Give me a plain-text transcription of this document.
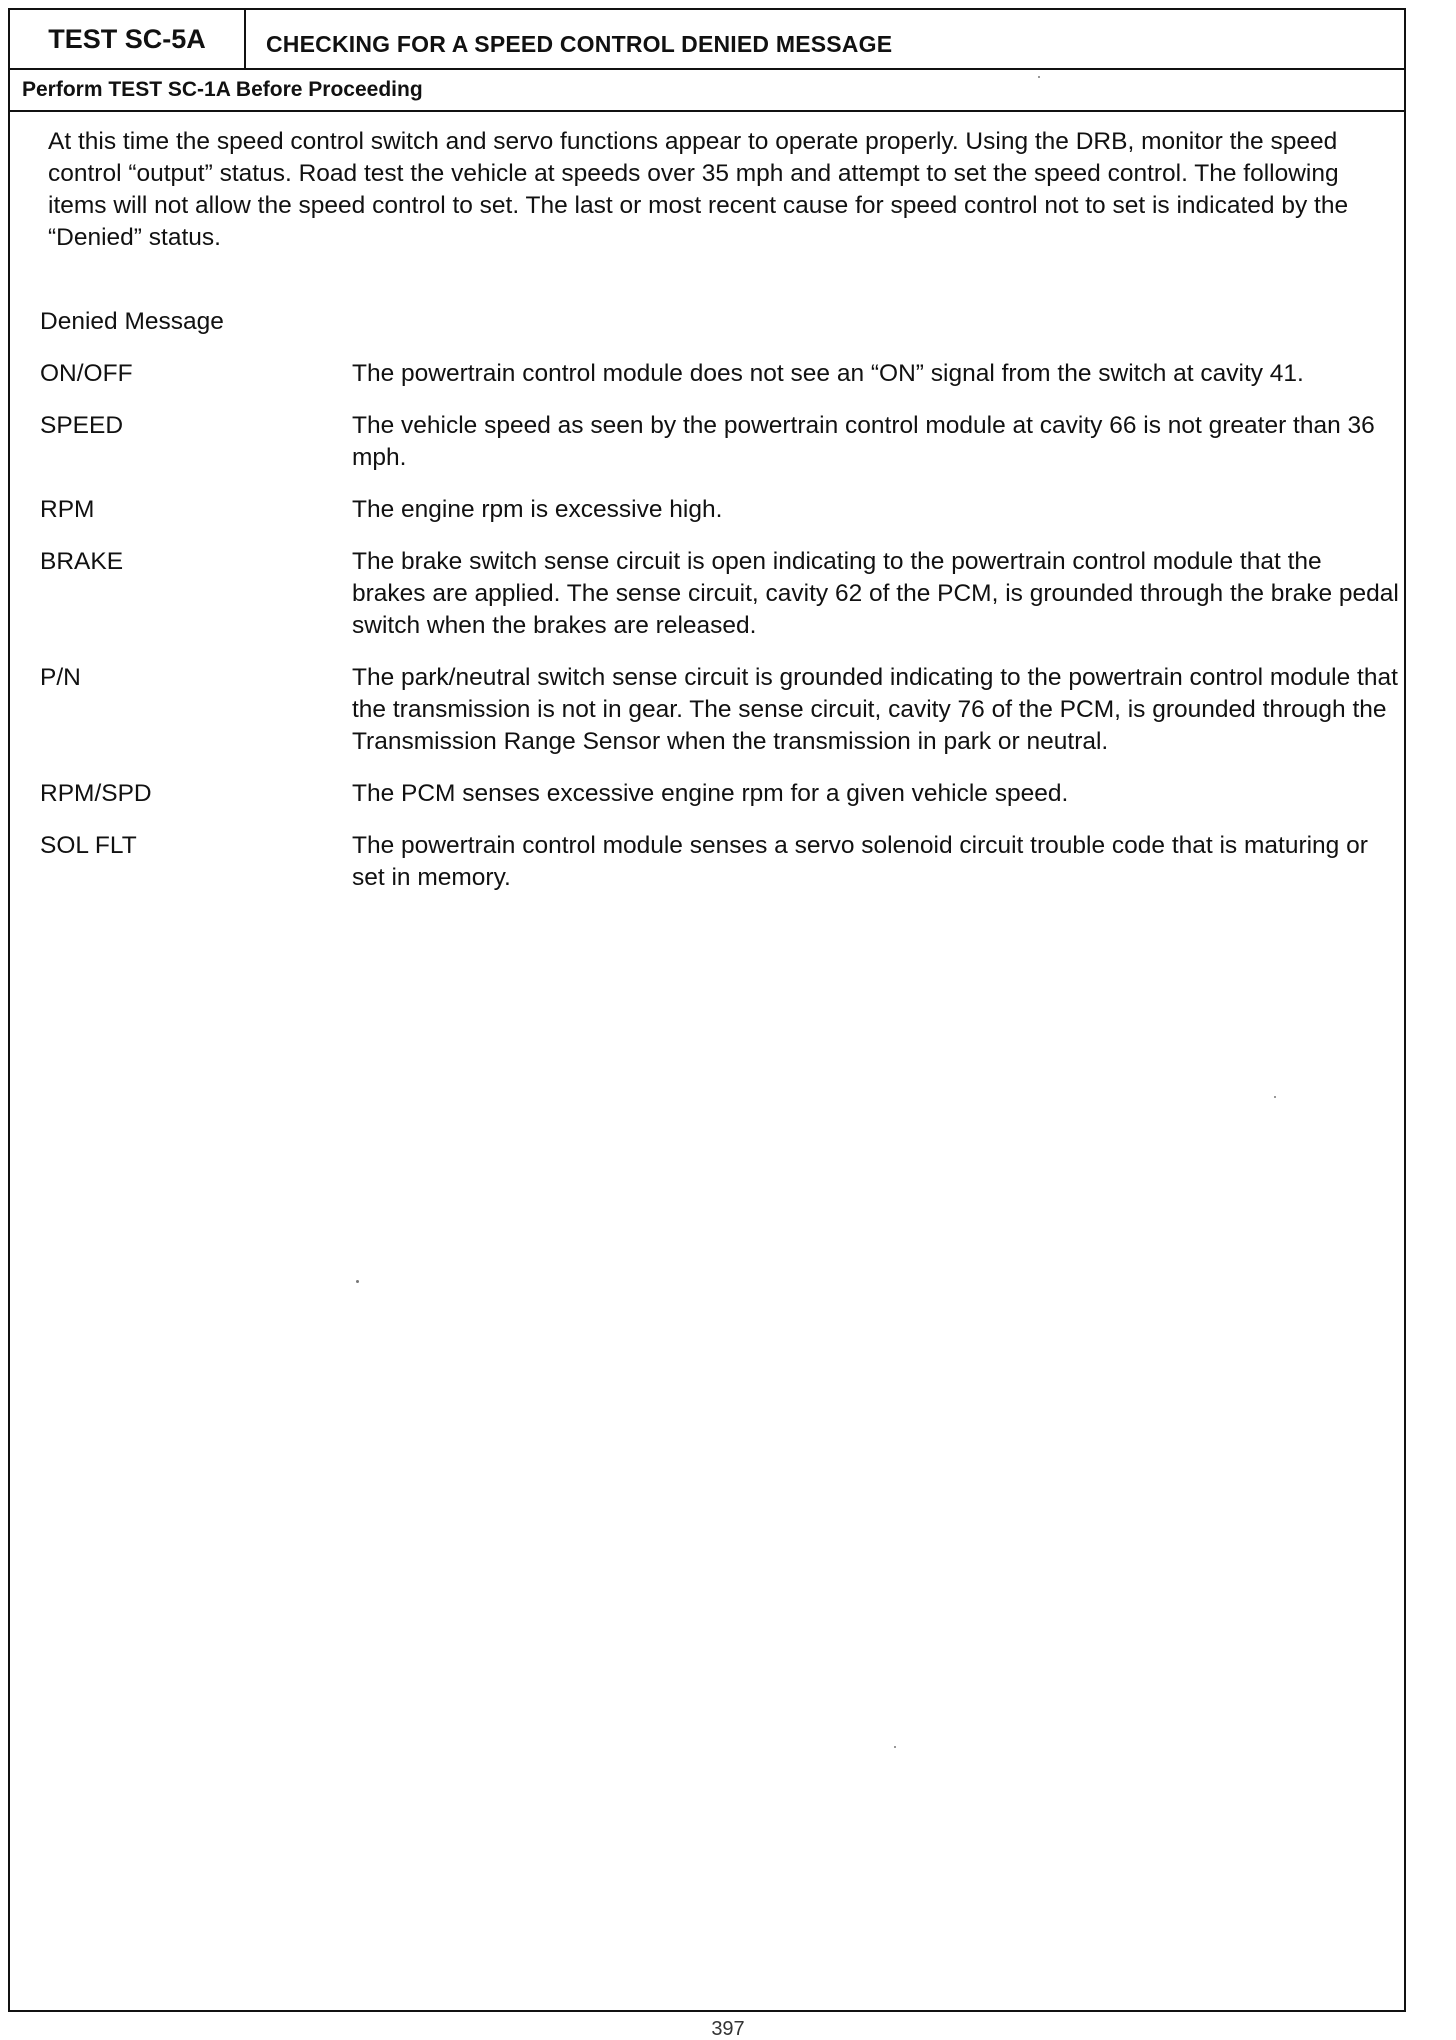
TEST SC-5A	CHECKING FOR A SPEED CONTROL DENIED MESSAGE
Perform TEST SC-1A Before Proceeding

At this time the speed control switch and servo functions appear to operate properly. Using the DRB, monitor the speed control “output” status. Road test the vehicle at speeds over 35 mph and attempt to set the speed control. The following items will not allow the speed control to set. The last or most recent cause for speed control not to set is indicated by the “Denied” status.

Denied Message

ON/OFF	The powertrain control module does not see an “ON” signal from the switch at cavity 41.
SPEED	The vehicle speed as seen by the powertrain control module at cavity 66 is not greater than 36 mph.
RPM	The engine rpm is excessive high.
BRAKE	The brake switch sense circuit is open indicating to the powertrain control module that the brakes are applied. The sense circuit, cavity 62 of the PCM, is grounded through the brake pedal switch when the brakes are released.
P/N	The park/neutral switch sense circuit is grounded indicating to the powertrain control module that the transmission is not in gear. The sense circuit, cavity 76 of the PCM, is grounded through the Transmission Range Sensor when the transmission in park or neutral.
RPM/SPD	The PCM senses excessive engine rpm for a given vehicle speed.
SOL FLT	The powertrain control module senses a servo solenoid circuit trouble code that is maturing or set in memory.
397
